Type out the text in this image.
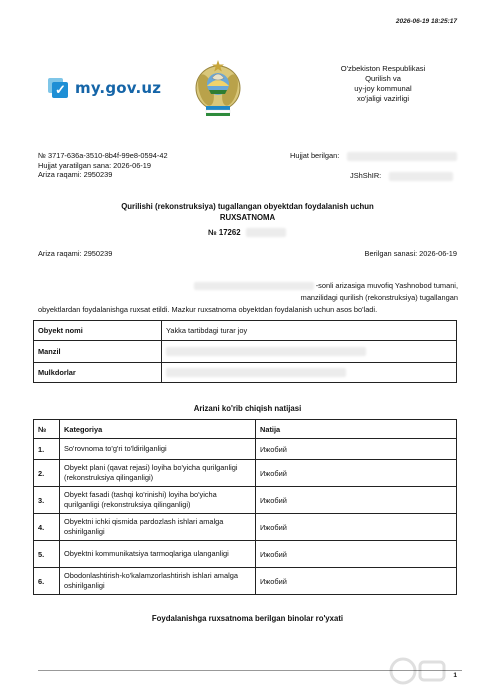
2026-06-19 18:25:17
✓ my.gov.uz
O'zbekiston Respublikasi
Qurilish va
uy-joy kommunal
xo'jaligi vazirligi
№ 3717-636a-3510-8b4f-99e8-0594-42
Hujjat yaratilgan sana: 2026-06-19
Ariza raqami: 2950239
Hujjat berilgan:
JShShIR:
Qurilishi (rekonstruksiya) tugallangan obyektdan foydalanish uchun
RUXSATNOMA
№ 17262
Ariza raqami: 2950239	Berilgan sanasi: 2026-06-19
-sonli arizasiga muvofiq Yashnobod tumani,
manzilidagi qurilish (rekonstruksiya) tugallangan
obyektlardan foydalanishga ruxsat etildi. Mazkur ruxsatnoma obyektdan foydalanish uchun asos bo'ladi.
Obyekt nomi	Yakka tartibdagi turar joy
Manzil	
Mulkdorlar	
Arizani ko'rib chiqish natijasi
№	Kategoriya	Natija
1.	So'rovnoma to'g'ri to'ldirilganligi	Ижобий
2.	Obyekt plani (qavat rejasi) loyiha bo'yicha qurilganligi (rekonstruksiya qilinganligi)	Ижобий
3.	Obyekt fasadi (tashqi ko'rinishi) loyiha bo'yicha qurilganligi (rekonstruksiya qilinganligi)	Ижобий
4.	Obyektni ichki qismida pardozlash ishlari amalga oshirilganligi	Ижобий
5.	Obyektni kommunikatsiya tarmoqlariga ulanganligi	Ижобий
6.	Obodonlashtirish-ko'kalamzorlashtirish ishlari amalga oshirilganligi	Ижобий
Foydalanishga ruxsatnoma berilgan binolar ro'yxati
1
